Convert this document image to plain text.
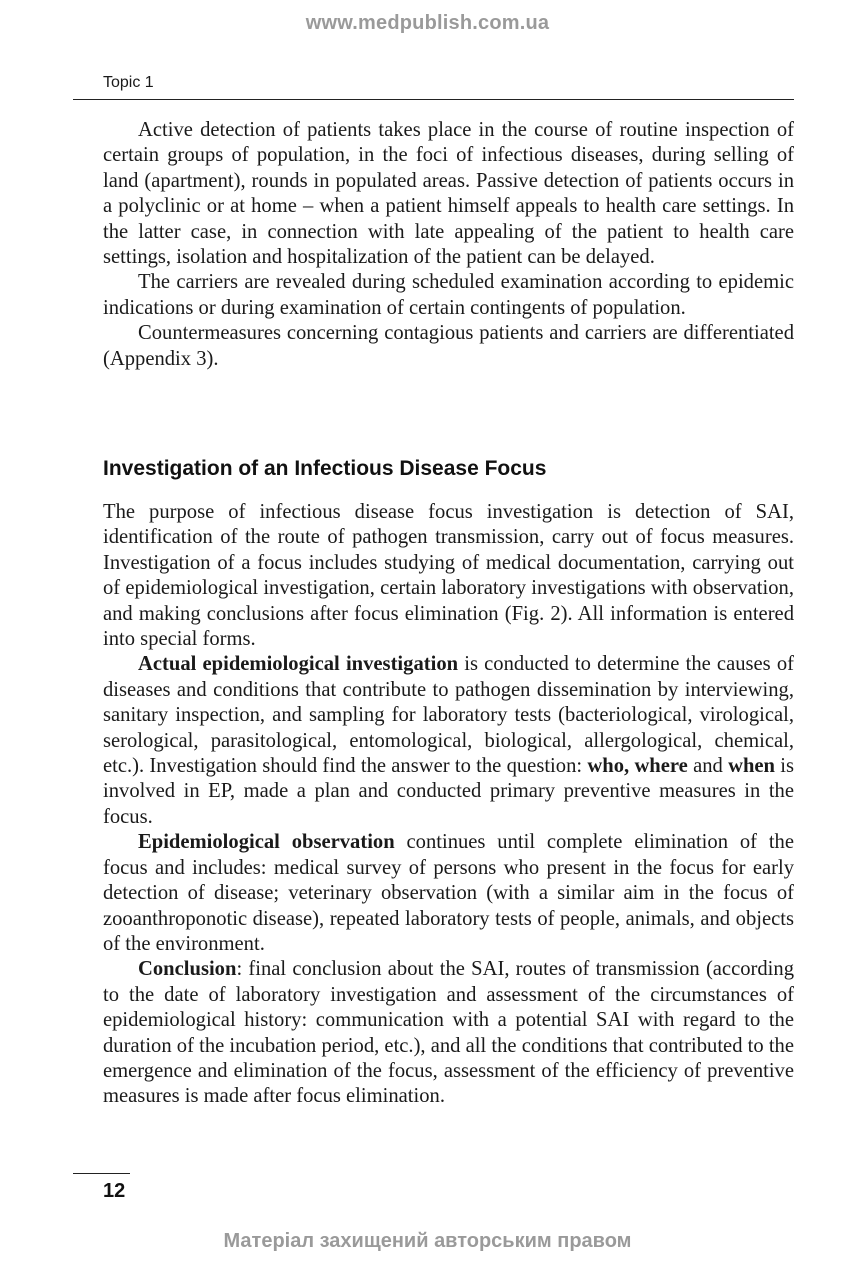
www.medpublish.com.ua
Topic 1

Active detection of patients takes place in the course of routine inspection of certain groups of population, in the foci of infectious diseases, during selling of land (apartment), rounds in populated areas. Passive detection of patients occurs in a polyclinic or at home – when a patient himself appeals to health care settings. In the latter case, in connection with late appealing of the patient to health care settings, isolation and hospitalization of the patient can be delayed.

The carriers are revealed during scheduled examination according to epidemic indications or during examination of certain contingents of population.

Countermeasures concerning contagious patients and carriers are differentiated (Appendix 3).

Investigation of an Infectious Disease Focus

The purpose of infectious disease focus investigation is detection of SAI, identification of the route of pathogen transmission, carry out of focus measures. Investigation of a focus includes studying of medical documentation, carrying out of epidemiological investigation, certain laboratory investigations with observation, and making conclusions after focus elimination (Fig. 2). All information is entered into special forms.

Actual epidemiological investigation is conducted to determine the causes of diseases and conditions that contribute to pathogen dissemination by interviewing, sanitary inspection, and sampling for laboratory tests (bacteriological, virological, serological, parasitological, entomological, biological, allergological, chemical, etc.). Investigation should find the answer to the question: who, where and when is involved in EP, made a plan and conducted primary preventive measures in the focus.

Epidemiological observation continues until complete elimination of the focus and includes: medical survey of persons who present in the focus for early detection of disease; veterinary observation (with a similar aim in the focus of zooanthroponotic disease), repeated laboratory tests of people, animals, and objects of the environment.

Conclusion: final conclusion about the SAI, routes of transmission (according to the date of laboratory investigation and assessment of the circumstances of epidemiological history: communication with a potential SAI with regard to the duration of the incubation period, etc.), and all the conditions that contributed to the emergence and elimination of the focus, assessment of the efficiency of preventive measures is made after focus elimination.

12
Матеріал захищений авторським правом
